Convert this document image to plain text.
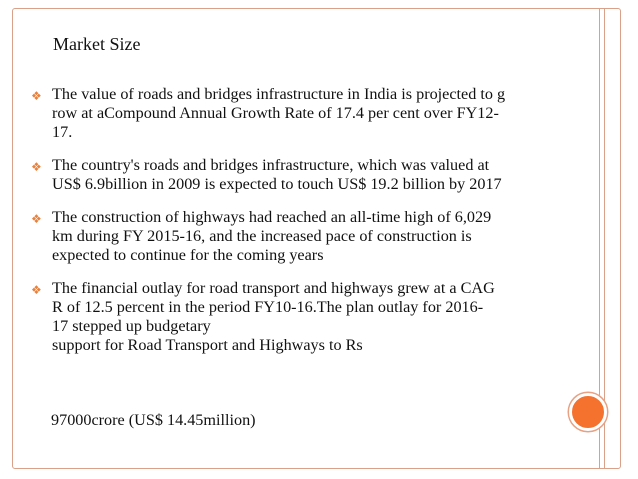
Market Size
❖ The value of roads and bridges infrastructure in India is projected to g
row at aCompound Annual Growth Rate of 17.4 per cent over FY12-
17.
❖ The country's roads and bridges infrastructure, which was valued at
US$ 6.9billion in 2009 is expected to touch US$ 19.2 billion by 2017
❖ The construction of highways had reached an all-time high of 6,029
km during FY 2015-16, and the increased pace of construction is
expected to continue for the coming years
❖ The financial outlay for road transport and highways grew at a CAG
R of 12.5 percent in the period FY10-16.The plan outlay for 2016-
17 stepped up budgetary
support for Road Transport and Highways to Rs
97000crore (US$ 14.45million)
